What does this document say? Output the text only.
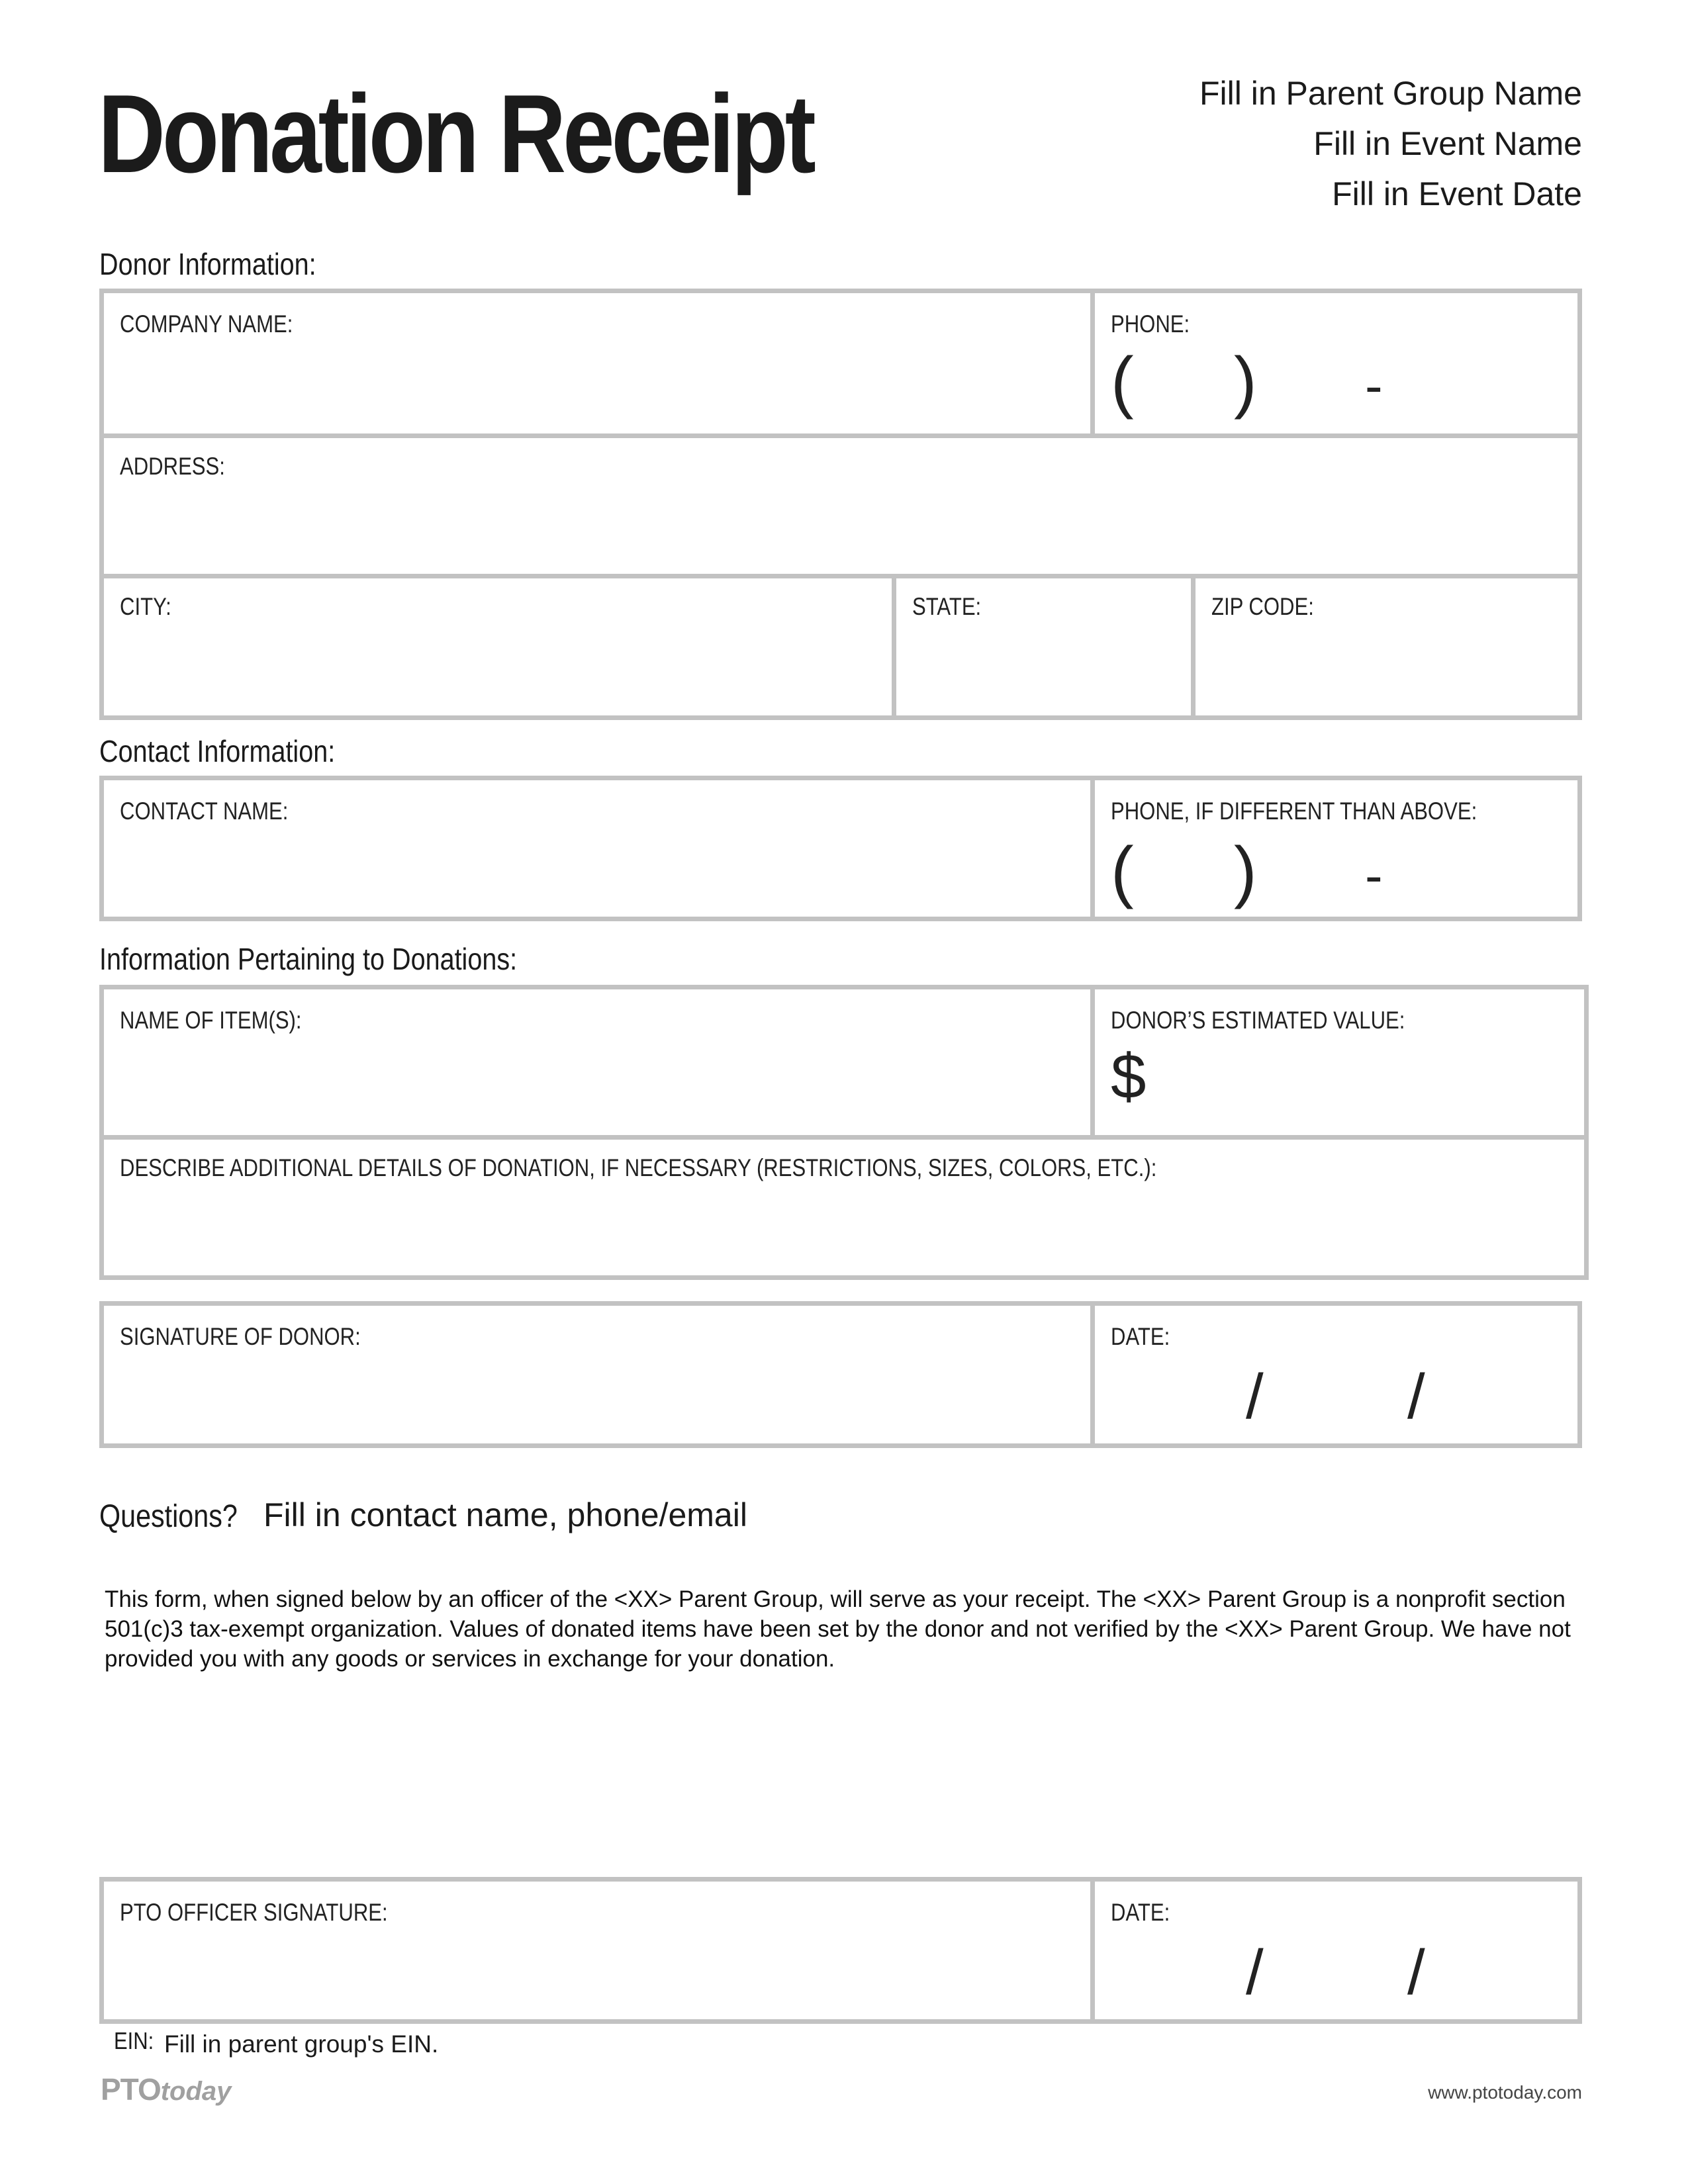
Donation Receipt	Fill in Parent Group Name
Fill in Event Name
Fill in Event Date
Donor Information:
COMPANY NAME:	PHONE:
( ) -
ADDRESS:
CITY:	STATE:	ZIP CODE:
Contact Information:
CONTACT NAME:	PHONE, IF DIFFERENT THAN ABOVE:
( ) -
Information Pertaining to Donations:
NAME OF ITEM(S):	DONOR’S ESTIMATED VALUE:
$
DESCRIBE ADDITIONAL DETAILS OF DONATION, IF NECESSARY (RESTRICTIONS, SIZES, COLORS, ETC.):
SIGNATURE OF DONOR:	DATE:
/ /
Questions? Fill in contact name, phone/email
This form, when signed below by an officer of the <XX> Parent Group, will serve as your receipt. The <XX> Parent Group is a nonprofit section 501(c)3 tax-exempt organization. Values of donated items have been set by the donor and not verified by the <XX> Parent Group. We have not provided you with any goods or services in exchange for your donation.
PTO OFFICER SIGNATURE:	DATE:
/ /
EIN: Fill in parent group's EIN.
PTOtoday	www.ptotoday.com
